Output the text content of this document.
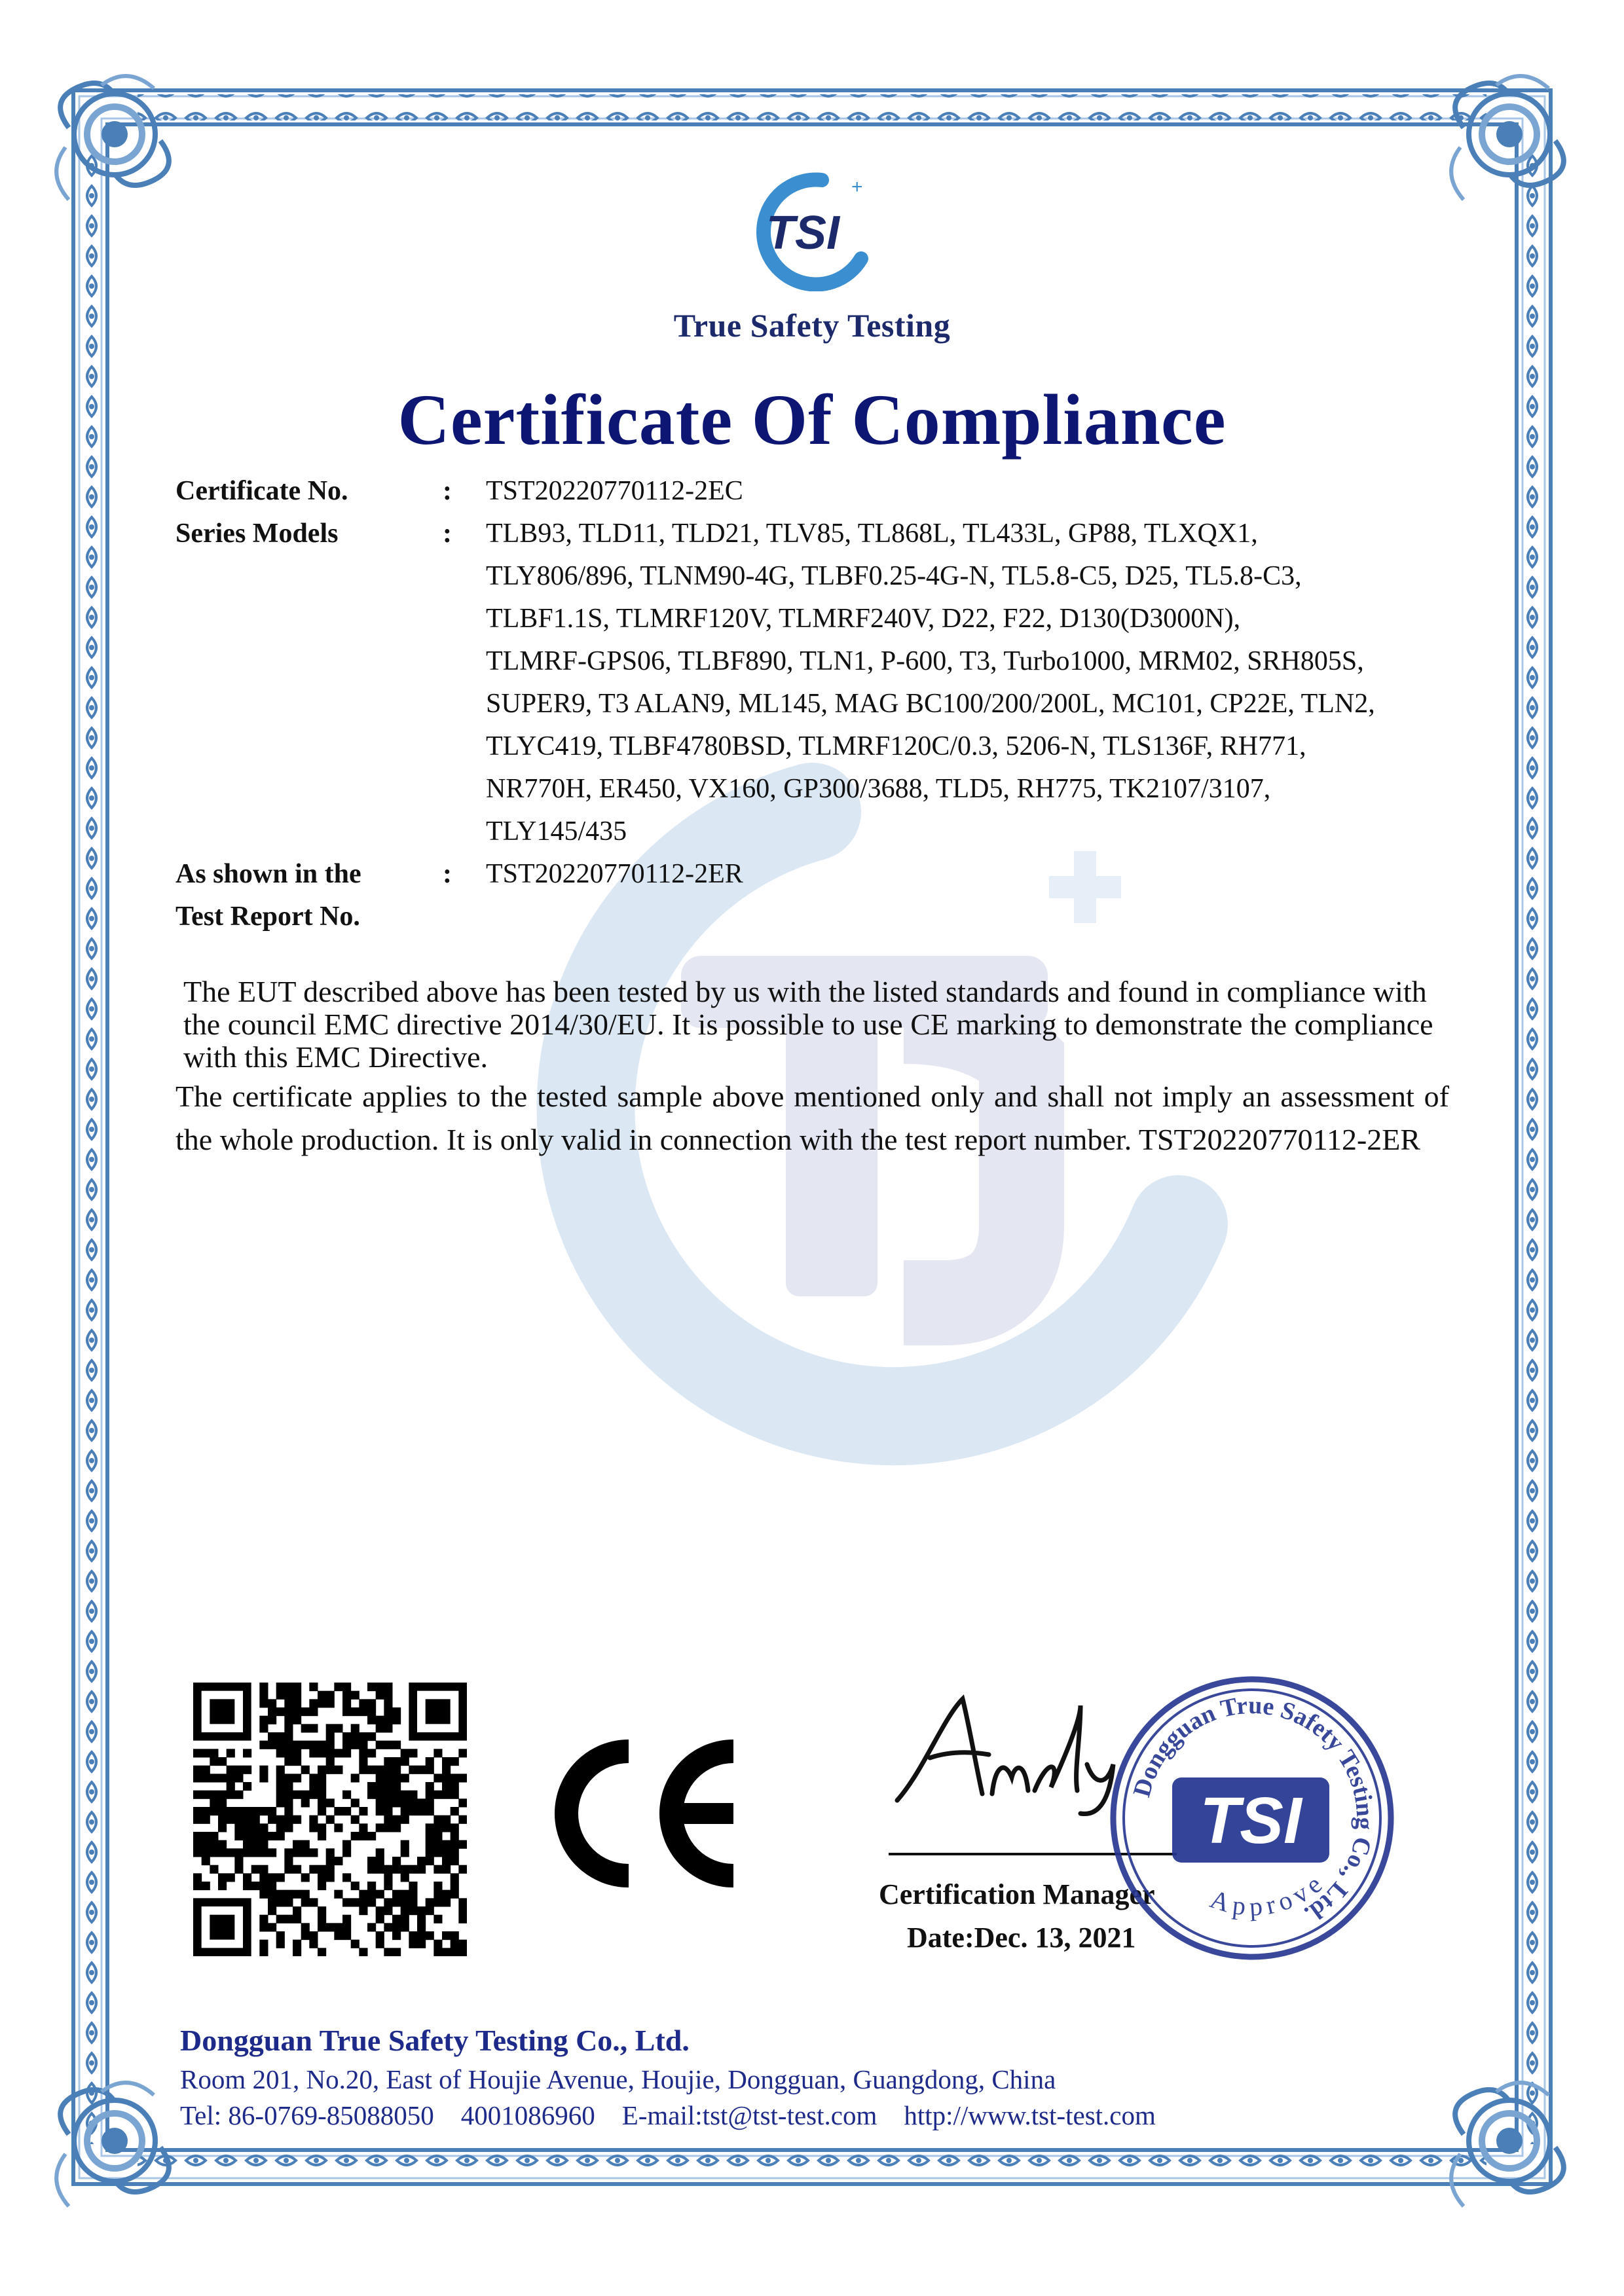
TSI
+
True Safety Testing
Certificate Of Compliance
Certificate No.	:	TST20220770112-2EC
Series Models	:	TLB93, TLD11, TLD21, TLV85, TL868L, TL433L, GP88, TLXQX1,
TLY806/896, TLNM90-4G, TLBF0.25-4G-N, TL5.8-C5, D25, TL5.8-C3,
TLBF1.1S, TLMRF120V, TLMRF240V, D22, F22, D130(D3000N),
TLMRF-GPS06, TLBF890, TLN1, P-600, T3, Turbo1000, MRM02, SRH805S,
SUPER9, T3 ALAN9, ML145, MAG BC100/200/200L, MC101, CP22E, TLN2,
TLYC419, TLBF4780BSD, TLMRF120C/0.3, 5206-N, TLS136F, RH771,
NR770H, ER450, VX160, GP300/3688, TLD5, RH775, TK2107/3107,
TLY145/435
As shown in the
Test Report No.
:	TST20220770112-2ER
The EUT described above has been tested by us with the listed standards and found in compliance with the council EMC directive 2014/30/EU. It is possible to use CE marking to demonstrate the compliance with this EMC Directive.
The certificate applies to the tested sample above mentioned only and shall not imply an assessment of the whole production. It is only valid in connection with the test report number. TST20220770112-2ER
CE
Certification Manager
Date:Dec. 13, 2021
Dongguan True Safety Testing Co., Ltd.
Approve
TSI
Dongguan True Safety Testing Co., Ltd.
Room 201, No.20, East of Houjie Avenue, Houjie, Dongguan, Guangdong, China
Tel: 86-0769-85088050    4001086960    E-mail:tst@tst-test.com    http://www.tst-test.com
